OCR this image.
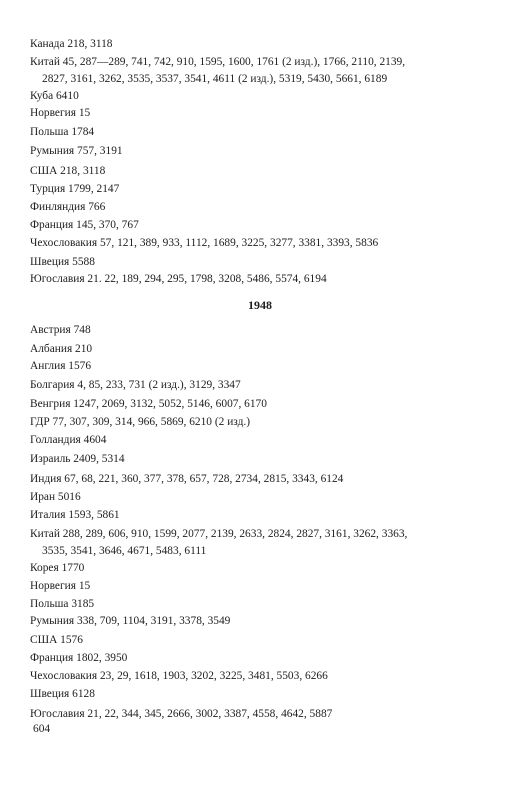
Канада 218, 3118
Китай 45, 287—289, 741, 742, 910, 1595, 1600, 1761 (2 изд.), 1766, 2110, 2139,
2827, 3161, 3262, 3535, 3537, 3541, 4611 (2 изд.), 5319, 5430, 5661, 6189
Куба 6410
Норвегия 15
Польша 1784
Румыния 757, 3191
США 218, 3118
Турция 1799, 2147
Финляндия 766
Франция 145, 370, 767
Чехословакия 57, 121, 389, 933, 1112, 1689, 3225, 3277, 3381, 3393, 5836
Швеция 5588
Югославия 21. 22, 189, 294, 295, 1798, 3208, 5486, 5574, 6194
1948
Австрия 748
Албания 210
Англия 1576
Болгария 4, 85, 233, 731 (2 изд.), 3129, 3347
Венгрия 1247, 2069, 3132, 5052, 5146, 6007, 6170
ГДР 77, 307, 309, 314, 966, 5869, 6210 (2 изд.)
Голландия 4604
Израиль 2409, 5314
Индия 67, 68, 221, 360, 377, 378, 657, 728, 2734, 2815, 3343, 6124
Иран 5016
Италия 1593, 5861
Китай 288, 289, 606, 910, 1599, 2077, 2139, 2633, 2824, 2827, 3161, 3262, 3363,
3535, 3541, 3646, 4671, 5483, 6111
Корея 1770
Норвегия 15
Польша 3185
Румыния 338, 709, 1104, 3191, 3378, 3549
США 1576
Франция 1802, 3950
Чехословакия 23, 29, 1618, 1903, 3202, 3225, 3481, 5503, 6266
Швеция 6128
Югославия 21, 22, 344, 345, 2666, 3002, 3387, 4558, 4642, 5887
604
